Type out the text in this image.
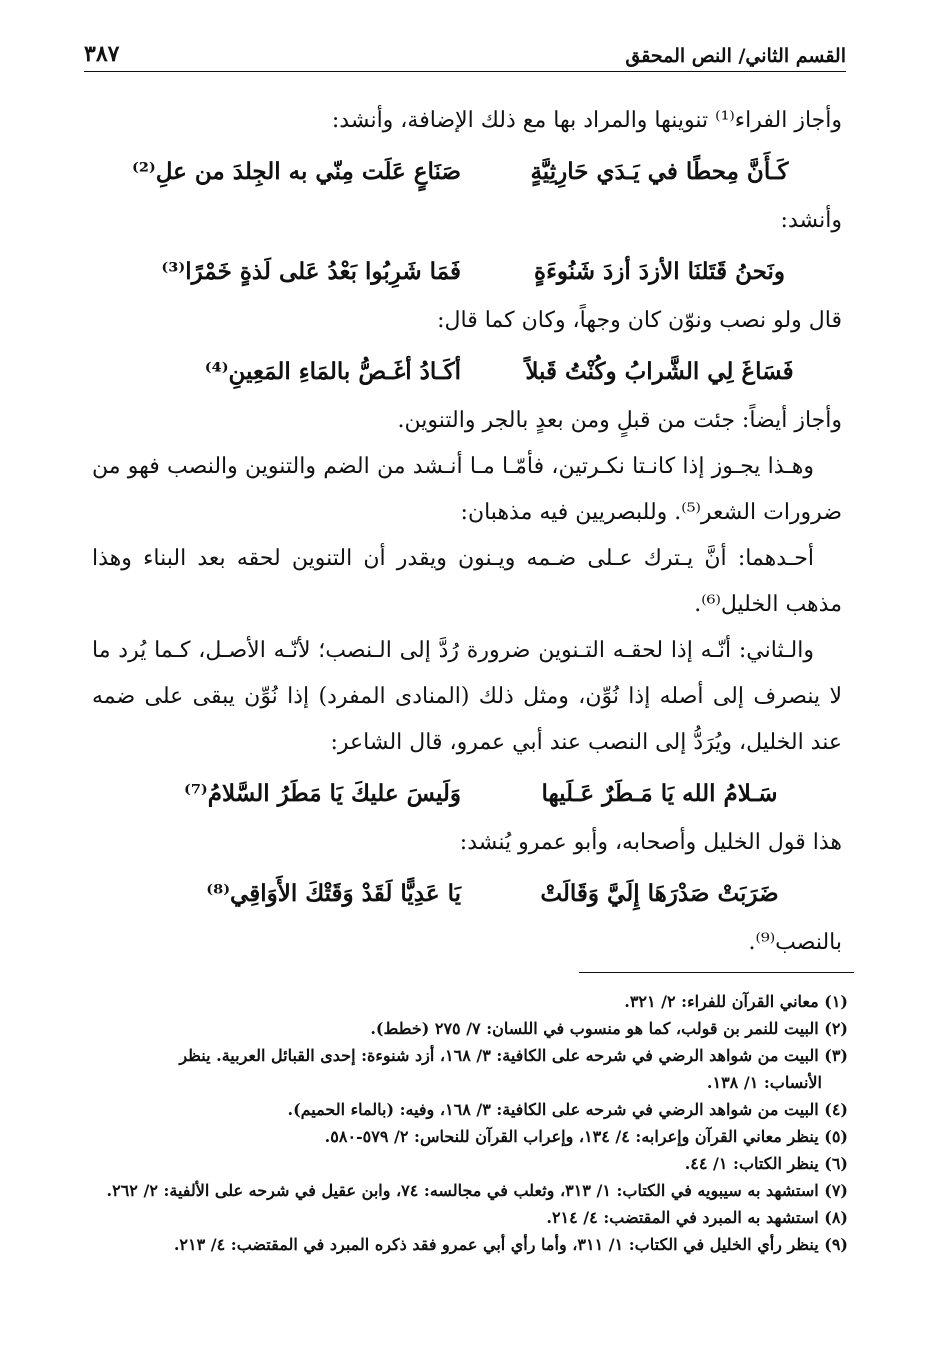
القسم الثاني/ النص المحقق
٣٨٧

وأجاز الفراء⁽¹⁾ تنوينها والمراد بها مع ذلك الإضافة، وأنشد:

كَـأَنَّ مِحطًا في يَـدَي حَارِثِيَّةٍ
صَنَاعٍ عَلَت مِنّي به الجِلدَ من علِ⁽²⁾

وأنشد:

ونَحنُ قَتَلنَا الأزدَ أزدَ شَنُوءَةٍ
فَمَا شَرِبُوا بَعْدُ عَلى لَذةٍ خَمْرًا⁽³⁾

قال ولو نصب ونوّن كان وجهاً، وكان كما قال:

فَسَاغَ لِي الشَّرابُ وكُنْتُ قَبلاً
أكَـادُ أغَـصُّ بالمَاءِ المَعِينِ⁽⁴⁾

وأجاز أيضاً: جئت من قبلٍ ومن بعدٍ بالجر والتنوين.

وهـذا يجـوز إذا كانـتا نكـرتين، فأمّـا مـا أنـشد من الضم والتنوين والنصب فهو من ضرورات الشعر⁽⁵⁾. وللبصريين فيه مذهبان:

أحـدهما: أنَّ يـترك عـلى ضـمه ويـنون ويقدر أن التنوين لحقه بعد البناء وهذا مذهب الخليل⁽⁶⁾.

والـثاني: أنّـه إذا لحقـه التـنوين ضرورة رُدَّ إلى الـنصب؛ لأنّـه الأصـل، كـما يُرد ما لا ينصرف إلى أصله إذا نُوِّن، ومثل ذلك (المنادى المفرد) إذا نُوِّن يبقى على ضمه عند الخليل، ويُرَدُّ إلى النصب عند أبي عمرو، قال الشاعر:

سَـلامُ الله يَا مَـطَرٌ عَـلَيها
وَلَيسَ عليكَ يَا مَطَرُ السَّلامُ⁽⁷⁾

هذا قول الخليل وأصحابه، وأبو عمرو يُنشد:

ضَرَبَتْ صَدْرَهَا إِلَيَّ وَقَالَتْ
يَا عَدِيًّا لَقَدْ وَقَتْكَ الأَوَاقِي⁽⁸⁾

بالنصب⁽⁹⁾.

(١) معاني القرآن للفراء: ٢/ ٣٢١.

(٢) البيت للنمر بن قولب، كما هو منسوب في اللسان: ٧/ ٢٧٥ (خطط).

(٣) البيت من شواهد الرضي في شرحه على الكافية: ٣/ ١٦٨، أزد شنوءة: إحدى القبائل العربية. ينظر

الأنساب: ١/ ١٣٨.

(٤) البيت من شواهد الرضي في شرحه على الكافية: ٣/ ١٦٨، وفيه: (بالماء الحميم).

(٥) ينظر معاني القرآن وإعرابه: ٤/ ١٣٤، وإعراب القرآن للنحاس: ٢/ ٥٧٩-٥٨٠.

(٦) ينظر الكتاب: ١/ ٤٤.

(٧) استشهد به سيبويه في الكتاب: ١/ ٣١٣، وثعلب في مجالسه: ٧٤، وابن عقيل في شرحه على الألفية: ٢/ ٢٦٢.

(٨) استشهد به المبرد في المقتضب: ٤/ ٢١٤.

(٩) ينظر رأي الخليل في الكتاب: ١/ ٣١١، وأما رأي أبي عمرو فقد ذكره المبرد في المقتضب: ٤/ ٢١٣.
